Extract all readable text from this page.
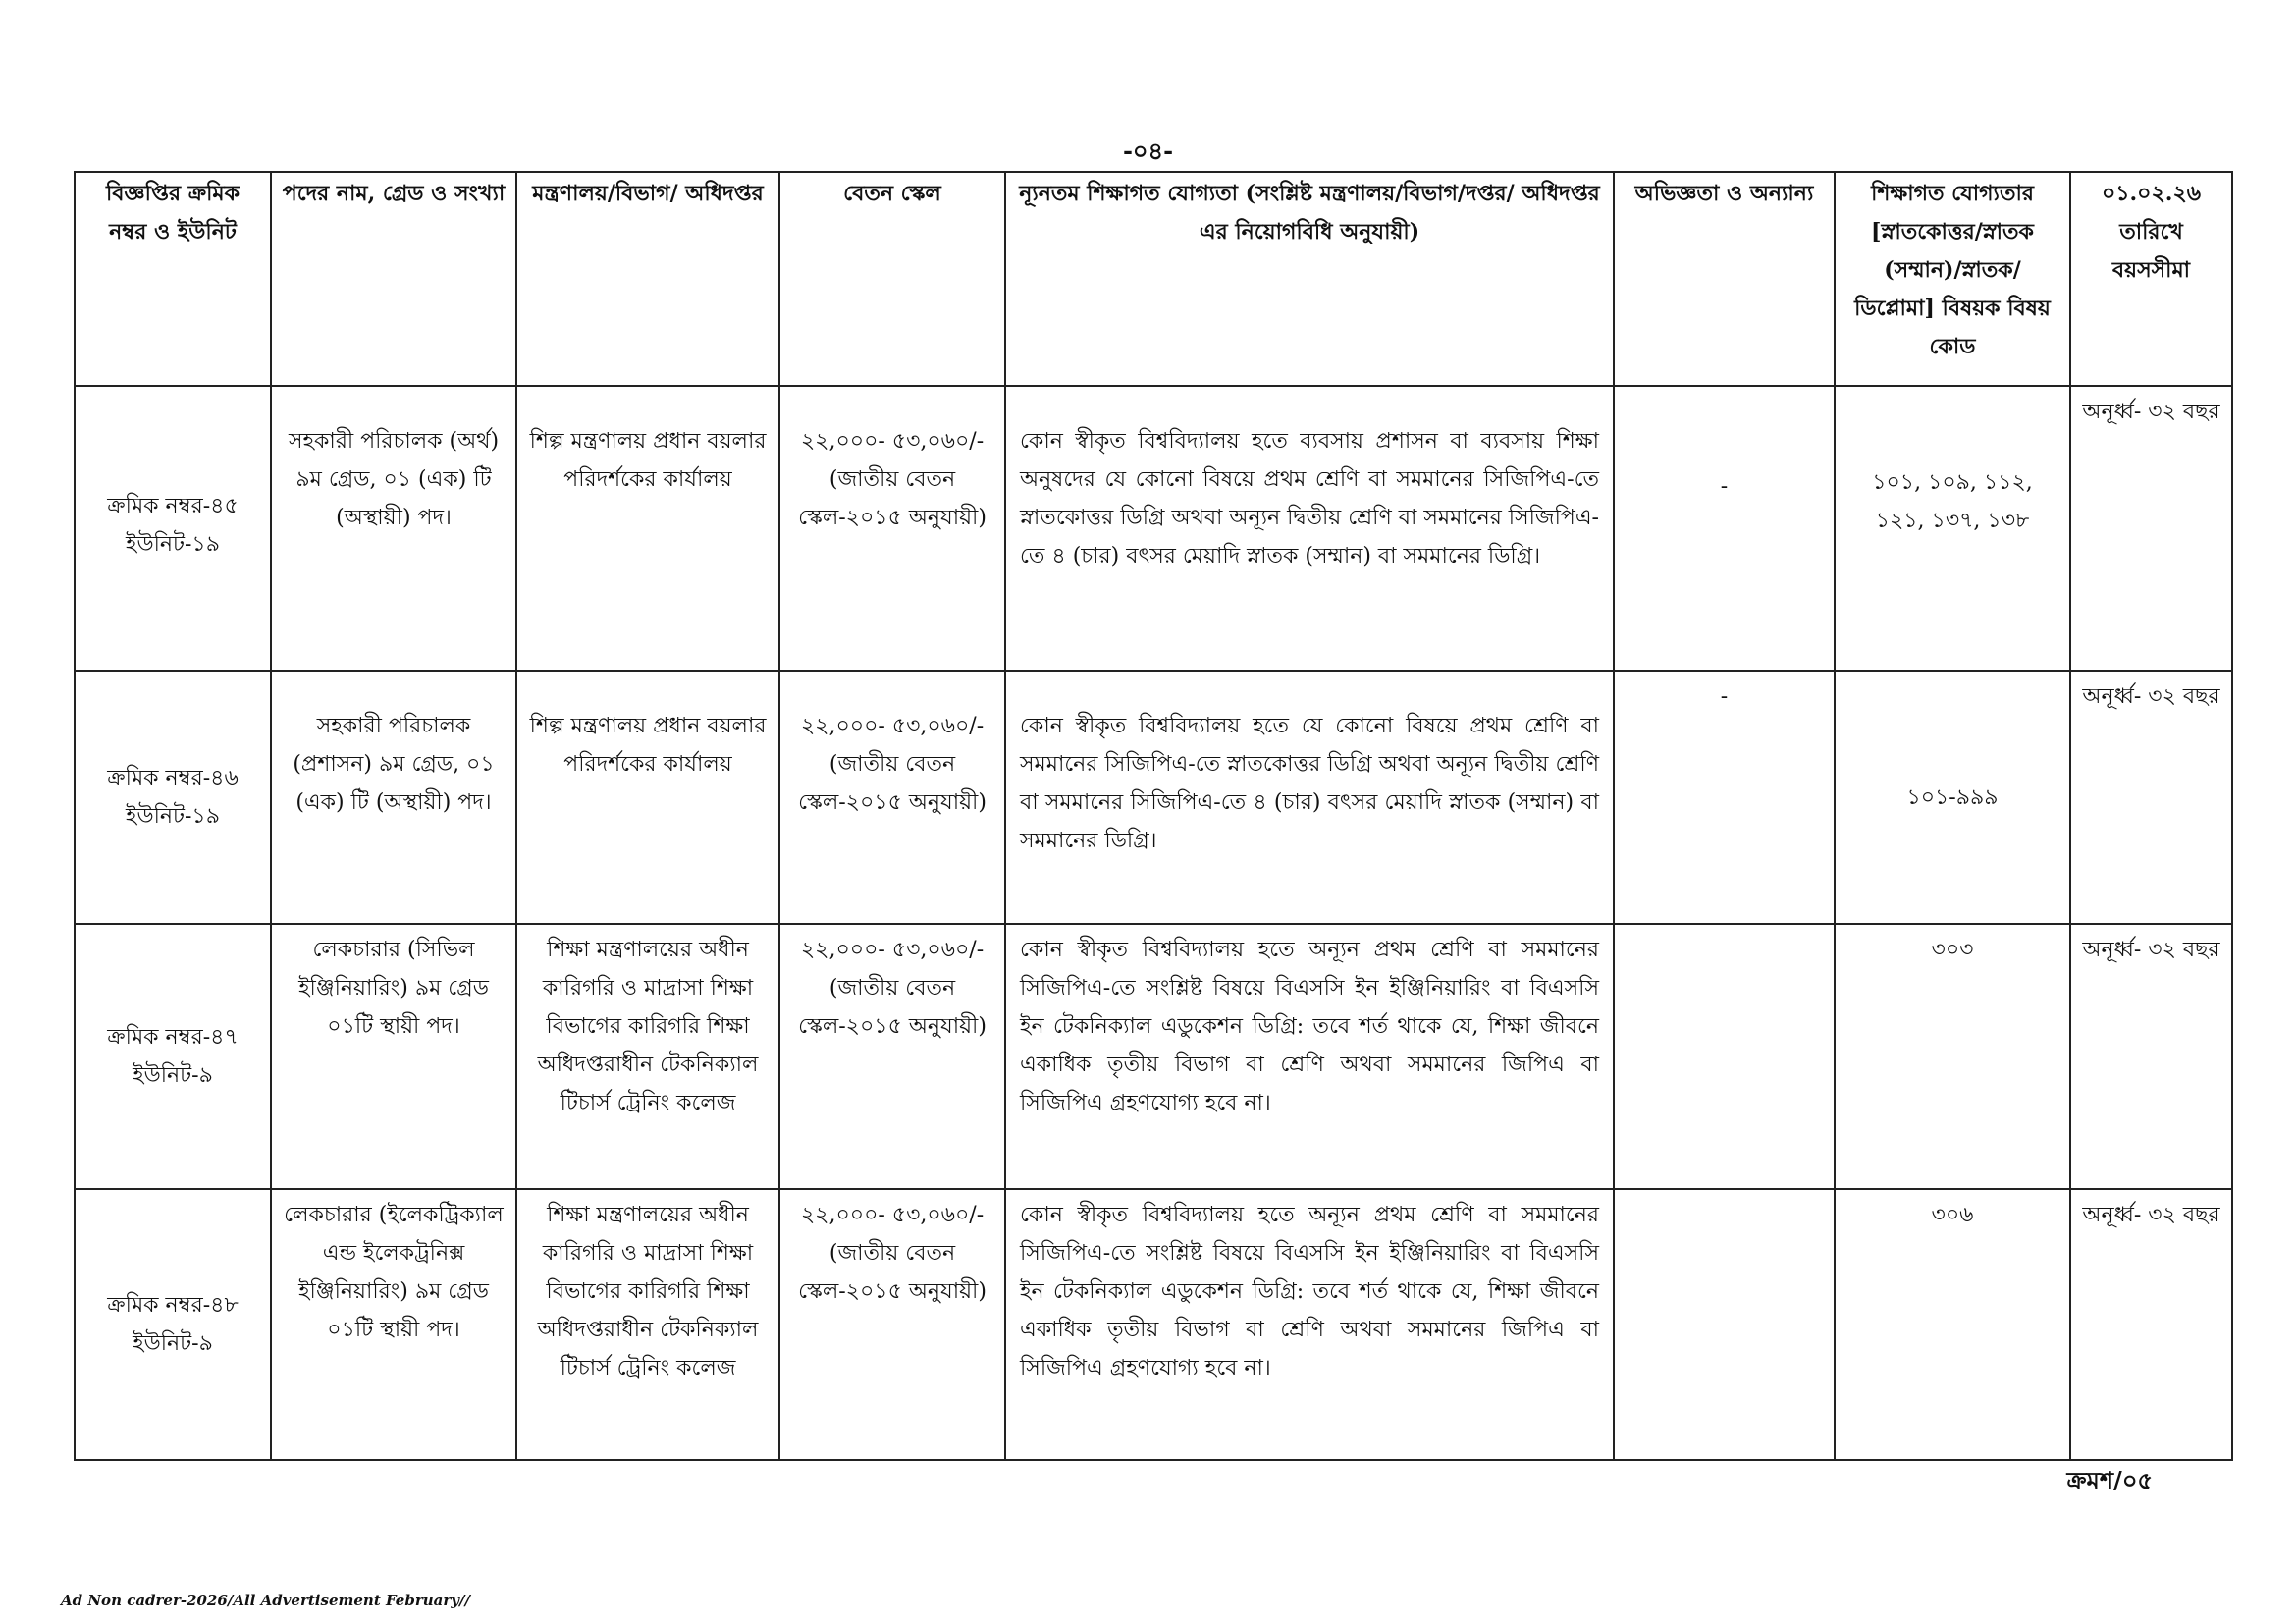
-০৪-
বিজ্ঞপ্তির ক্রমিক নম্বর ও ইউনিট	পদের নাম, গ্রেড ও সংখ্যা	মন্ত্রণালয়/বিভাগ/ অধিদপ্তর	বেতন স্কেল	ন্যূনতম শিক্ষাগত যোগ্যতা (সংশ্লিষ্ট মন্ত্রণালয়/বিভাগ/দপ্তর/ অধিদপ্তর এর নিয়োগবিধি অনুযায়ী)	অভিজ্ঞতা ও অন্যান্য	শিক্ষাগত যোগ্যতার [স্নাতকোত্তর/স্নাতক (সম্মান)/স্নাতক/ ডিপ্লোমা] বিষয়ক বিষয় কোড	০১.০২.২৬ তারিখে বয়সসীমা
ক্রমিক নম্বর-৪৫ ইউনিট-১৯	সহকারী পরিচালক (অর্থ) ৯ম গ্রেড, ০১ (এক) টি (অস্থায়ী) পদ।	শিল্প মন্ত্রণালয় প্রধান বয়লার পরিদর্শকের কার্যালয়	২২,০০০- ৫৩,০৬০/- (জাতীয় বেতন স্কেল-২০১৫ অনুযায়ী)	কোন স্বীকৃত বিশ্ববিদ্যালয় হতে ব্যবসায় প্রশাসন বা ব্যবসায় শিক্ষা অনুষদের যে কোনো বিষয়ে প্রথম শ্রেণি বা সমমানের সিজিপিএ-তে স্নাতকোত্তর ডিগ্রি অথবা অন্যূন দ্বিতীয় শ্রেণি বা সমমানের সিজিপিএ-তে ৪ (চার) বৎসর মেয়াদি স্নাতক (সম্মান) বা সমমানের ডিগ্রি।	-	১০১, ১০৯, ১১২, ১২১, ১৩৭, ১৩৮	অনূর্ধ্ব- ৩২ বছর
ক্রমিক নম্বর-৪৬ ইউনিট-১৯	সহকারী পরিচালক (প্রশাসন) ৯ম গ্রেড, ০১ (এক) টি (অস্থায়ী) পদ।	শিল্প মন্ত্রণালয় প্রধান বয়লার পরিদর্শকের কার্যালয়	২২,০০০- ৫৩,০৬০/- (জাতীয় বেতন স্কেল-২০১৫ অনুযায়ী)	কোন স্বীকৃত বিশ্ববিদ্যালয় হতে যে কোনো বিষয়ে প্রথম শ্রেণি বা সমমানের সিজিপিএ-তে স্নাতকোত্তর ডিগ্রি অথবা অন্যূন দ্বিতীয় শ্রেণি বা সমমানের সিজিপিএ-তে ৪ (চার) বৎসর মেয়াদি স্নাতক (সম্মান) বা সমমানের ডিগ্রি।	-	১০১-৯৯৯	অনূর্ধ্ব- ৩২ বছর
ক্রমিক নম্বর-৪৭ ইউনিট-৯	লেকচারার (সিভিল ইঞ্জিনিয়ারিং) ৯ম গ্রেড ০১টি স্থায়ী পদ।	শিক্ষা মন্ত্রণালয়ের অধীন কারিগরি ও মাদ্রাসা শিক্ষা বিভাগের কারিগরি শিক্ষা অধিদপ্তরাধীন টেকনিক্যাল টিচার্স ট্রেনিং কলেজ	২২,০০০- ৫৩,০৬০/- (জাতীয় বেতন স্কেল-২০১৫ অনুযায়ী)	কোন স্বীকৃত বিশ্ববিদ্যালয় হতে অন্যূন প্রথম শ্রেণি বা সমমানের সিজিপিএ-তে সংশ্লিষ্ট বিষয়ে বিএসসি ইন ইঞ্জিনিয়ারিং বা বিএসসি ইন টেকনিক্যাল এডুকেশন ডিগ্রি: তবে শর্ত থাকে যে, শিক্ষা জীবনে একাধিক তৃতীয় বিভাগ বা শ্রেণি অথবা সমমানের জিপিএ বা সিজিপিএ গ্রহণযোগ্য হবে না।		৩০৩	অনূর্ধ্ব- ৩২ বছর
ক্রমিক নম্বর-৪৮ ইউনিট-৯	লেকচারার (ইলেকট্রিক্যাল এন্ড ইলেকট্রনিক্স ইঞ্জিনিয়ারিং) ৯ম গ্রেড ০১টি স্থায়ী পদ।	শিক্ষা মন্ত্রণালয়ের অধীন কারিগরি ও মাদ্রাসা শিক্ষা বিভাগের কারিগরি শিক্ষা অধিদপ্তরাধীন টেকনিক্যাল টিচার্স ট্রেনিং কলেজ	২২,০০০- ৫৩,০৬০/- (জাতীয় বেতন স্কেল-২০১৫ অনুযায়ী)	কোন স্বীকৃত বিশ্ববিদ্যালয় হতে অন্যূন প্রথম শ্রেণি বা সমমানের সিজিপিএ-তে সংশ্লিষ্ট বিষয়ে বিএসসি ইন ইঞ্জিনিয়ারিং বা বিএসসি ইন টেকনিক্যাল এডুকেশন ডিগ্রি: তবে শর্ত থাকে যে, শিক্ষা জীবনে একাধিক তৃতীয় বিভাগ বা শ্রেণি অথবা সমমানের জিপিএ বা সিজিপিএ গ্রহণযোগ্য হবে না।		৩০৬	অনূর্ধ্ব- ৩২ বছর
ক্রমশ/০৫
Ad Non cadrer-2026/All Advertisement February//
